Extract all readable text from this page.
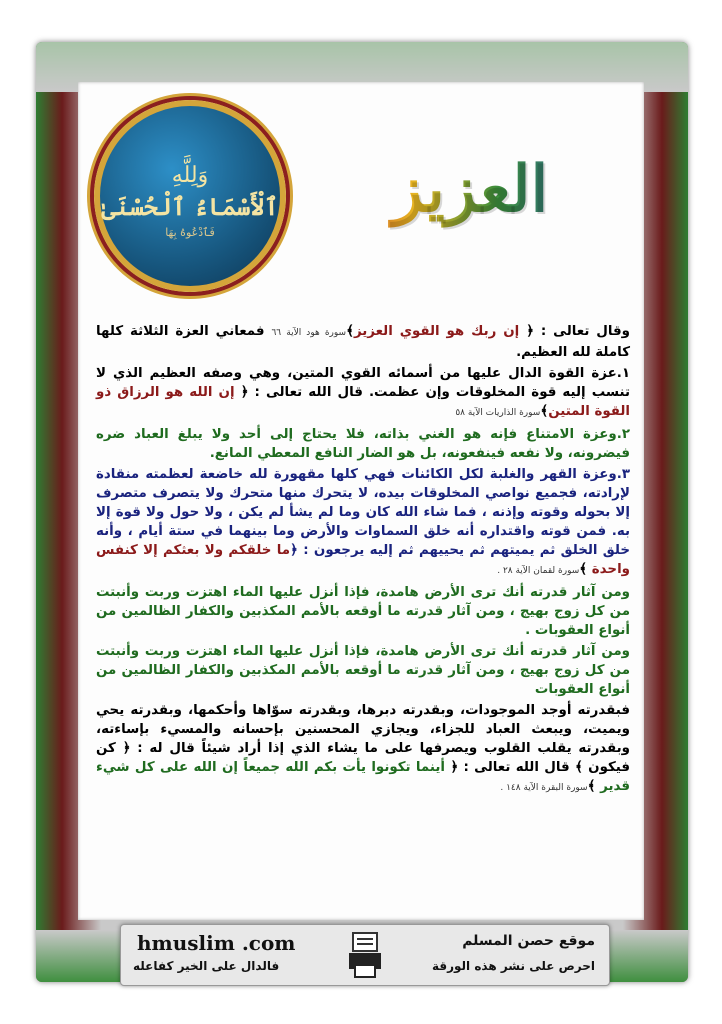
وَلِلَّهِ
ٱلْأَسْمَاءُ ٱلْحُسْنَىٰ
فَٱدْعُوهُ بِهَا
العزيز

وقال تعالى : ﴿ إن ربك هو القوي العزيز﴾سورة هود الآية ٦٦ فمعاني العزة الثلاثة كلها كاملة لله العظيم.

١.عزة القوة الدال عليها من أسمائه القوي المتين، وهي وصفه العظيم الذي لا تنسب إليه قوة المخلوقات وإن عظمت. قال الله تعالى : ﴿ إن الله هو الرزاق ذو القوة المتين﴾سورة الذاريات الآية ٥٨

٢.وعزة الامتناع فإنه هو الغني بذاته، فلا يحتاج إلى أحد ولا يبلغ العباد ضره فيضرونه، ولا نفعه فينفعونه، بل هو الضار النافع المعطي المانع.

٣.وعزة القهر والغلبة لكل الكائنات فهي كلها مقهورة لله خاضعة لعظمته منقادة لإرادته، فجميع نواصي المخلوقات بيده، لا يتحرك منها متحرك ولا يتصرف متصرف إلا بحوله وقوته وإذنه ، فما شاء الله كان وما لم يشأ لم يكن ، ولا حول ولا قوة إلا به. فمن قوته واقتداره أنه خلق السماوات والأرض وما بينهما في ستة أيام ، وأنه خلق الخلق ثم يميتهم ثم يحييهم ثم إليه يرجعون : ﴿ما خلقكم ولا بعثكم إلا كنفس واحدة ﴾سورة لقمان الآية ٢٨ .

ومن آثار قدرته أنك ترى الأرض هامدة، فإذا أنزل عليها الماء اهتزت وربت وأنبتت من كل زوج بهيج ، ومن آثار قدرته ما أوقعه بالأمم المكذبين والكفار الظالمين من أنواع العقوبات .

ومن آثار قدرته أنك ترى الأرض هامدة، فإذا أنزل عليها الماء اهتزت وربت وأنبتت من كل زوج بهيج ، ومن آثار قدرته ما أوقعه بالأمم المكذبين والكفار الظالمين من أنواع العقوبات

فبقدرته أوجد الموجودات، وبقدرته دبرها، وبقدرته سوّاها وأحكمها، وبقدرته يحي ويميت، ويبعث العباد للجزاء، ويجازي المحسنين بإحسانه والمسيء بإساءته، وبقدرته يقلب القلوب ويصرفها على ما يشاء الذي إذا أراد شيئاً قال له : ﴿ كن فيكون ﴾ قال الله تعالى : ﴿ أينما تكونوا يأت بكم الله جميعاً إن الله على كل شيء قدير ﴾سورة البقرة الآية ١٤٨ .

hmuslim .com
فالدال على الخير كفاعله
موقع حصن المسلم
احرص على نشر هذه الورقة
